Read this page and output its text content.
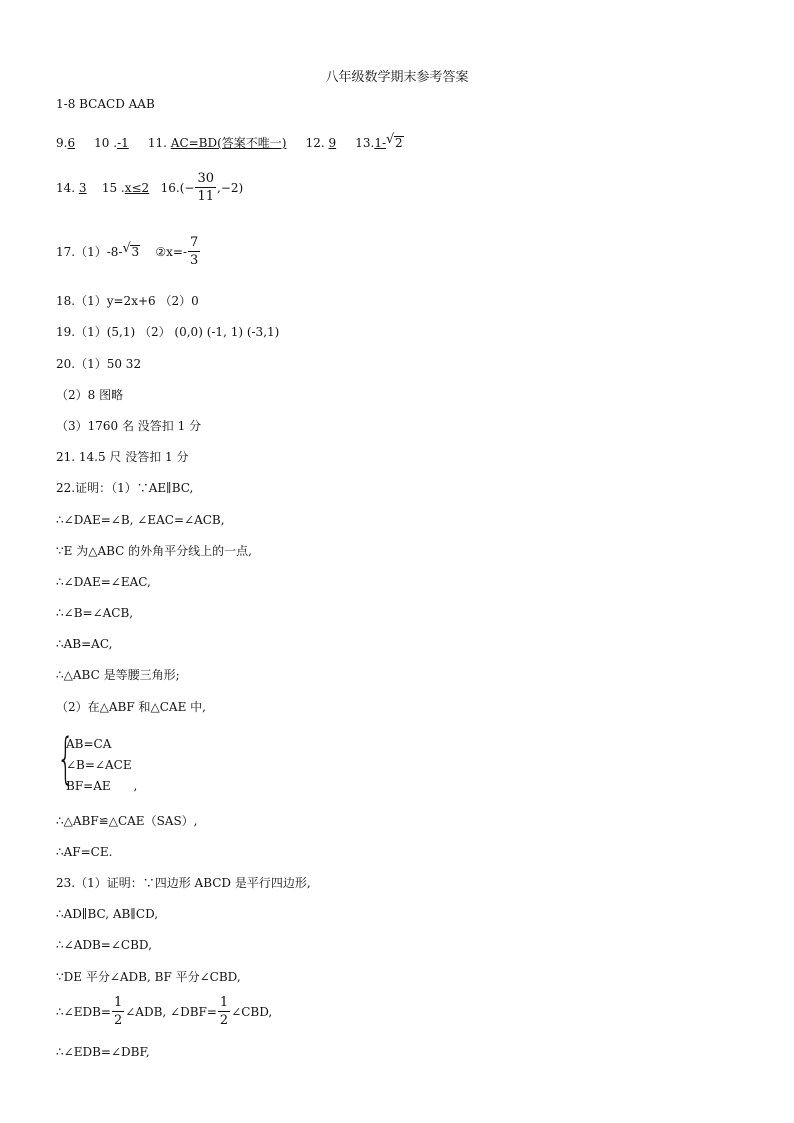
八年级数学期末参考答案
1-8 BCACD AAB
9.6 10 .-1 11. AC=BD(答案不唯一) 12. 9 13.1- √ 2
14. 3 15 .x≤2 $16.(- \frac{30}{11} ,-2)$
17.（1）-8- √ 3 ②x=- $\frac{7}{3}$
18.（1）y=2x+6 （2）0
19.（1）(5,1) （2） (0,0) (-1, 1) (-3,1)
20.（1）50 32
（2）8 图略
（3）1760 名 没答扣 1 分
21. 14.5 尺 没答扣 1 分
22.证明：（1）∵AE∥BC,
∴∠DAE=∠B, ∠EAC=∠ACB,
∵E 为△ABC 的外角平分线上的一点,
∴∠DAE=∠EAC,
∴∠B=∠ACB,
∴AB=AC,
∴△ABC 是等腰三角形;
（2）在△ABF 和△CAE 中,
{
AB=CA
∠B=∠ACE
BF=AE ,
∴△ABF≌△CAE（SAS）,
∴AF=CE.
23.（1）证明：∵四边形 ABCD 是平行四边形,
∴AD∥BC, AB∥CD,
∴∠ADB=∠CBD,
∵DE 平分∠ADB, BF 平分∠CBD,
∴∠EDB= $\frac{1}{2}$ ∠ADB, ∠DBF= $\frac{1}{2}$ ∠CBD,
∴∠EDB=∠DBF,
